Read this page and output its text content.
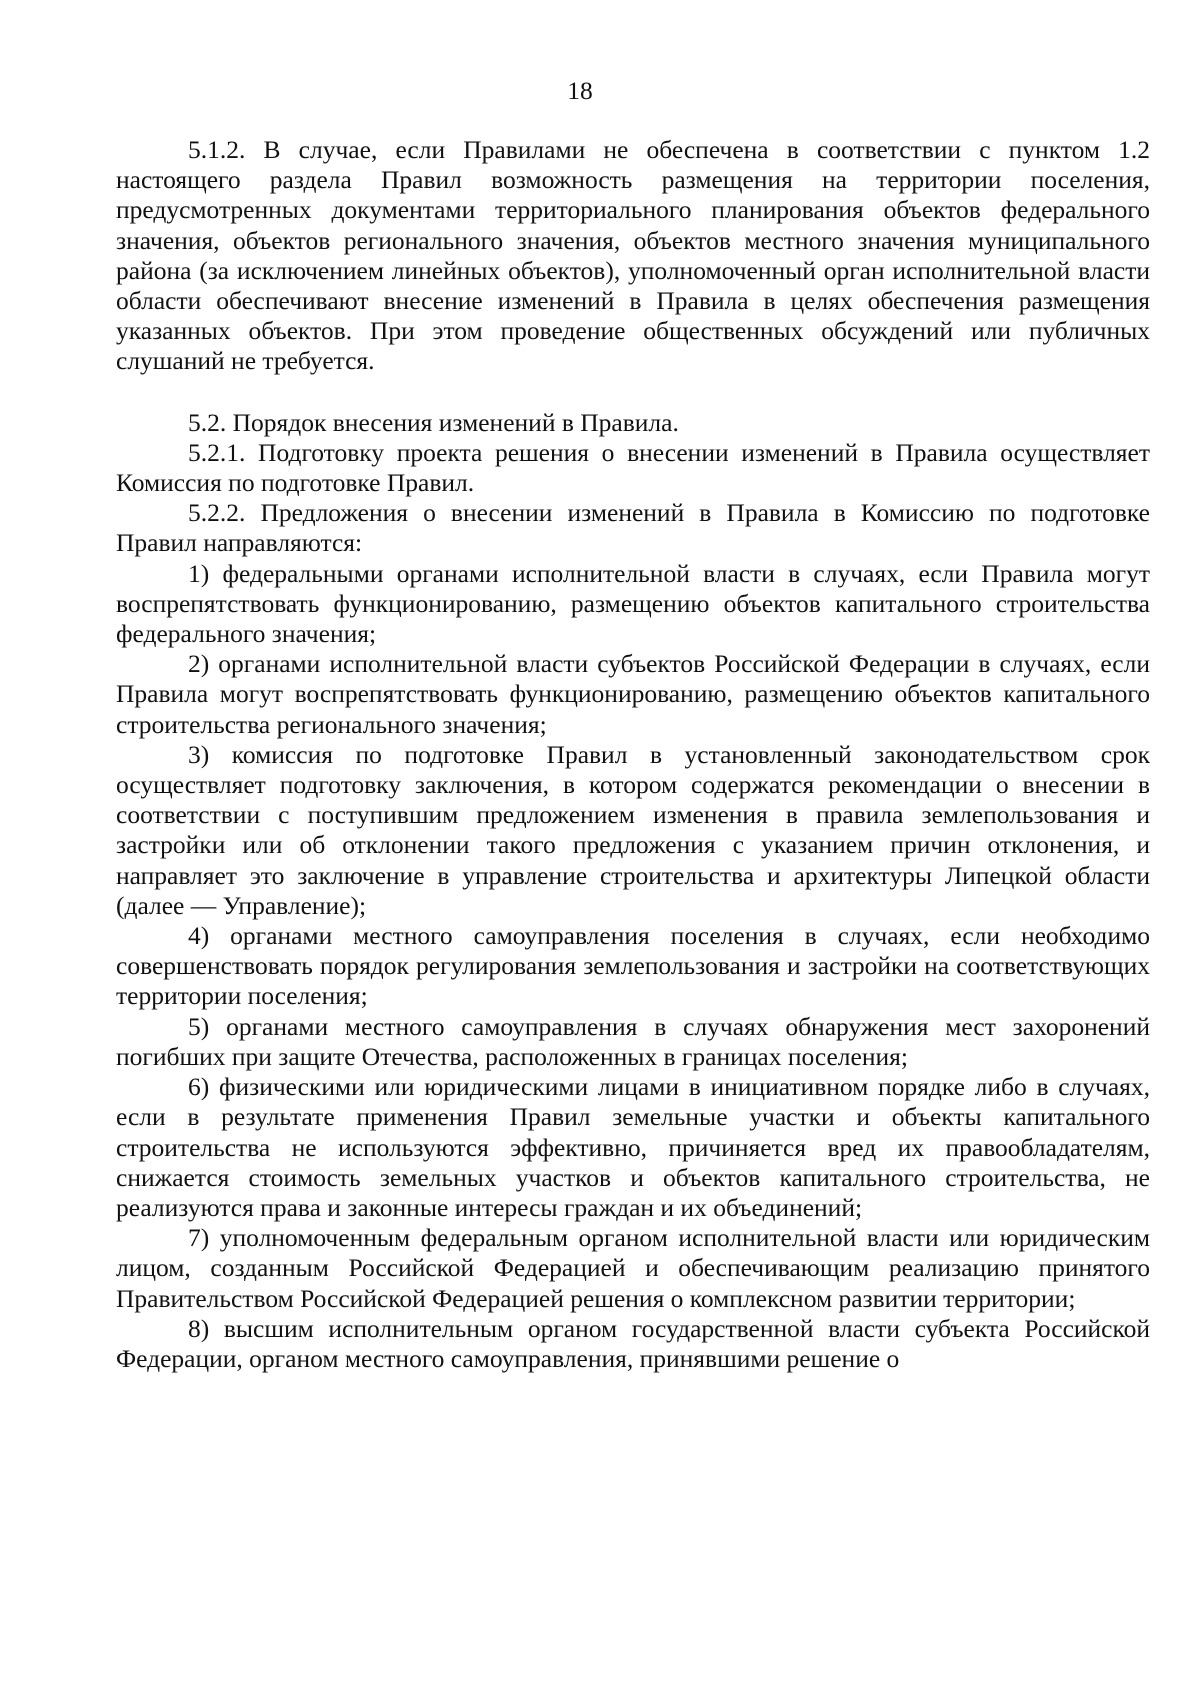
18

5.1.2. В случае, если Правилами не обеспечена в соответствии с пунктом 1.2 настоящего раздела Правил возможность размещения на территории поселения, предусмотренных документами территориального планирования объектов федерального значения, объектов регионального значения, объектов местного значения муниципального района (за исключением линейных объектов), уполномоченный орган исполнительной власти области обеспечивают внесение изменений в Правила в целях обеспечения размещения указанных объектов. При этом проведение общественных обсуждений или публичных слушаний не требуется.

5.2. Порядок внесения изменений в Правила.

5.2.1. Подготовку проекта решения о внесении изменений в Правила осуществляет Комиссия по подготовке Правил.

5.2.2. Предложения о внесении изменений в Правила в Комиссию по подготовке Правил направляются:

1) федеральными органами исполнительной власти в случаях, если Правила могут воспрепятствовать функционированию, размещению объектов капитального строительства федерального значения;

2) органами исполнительной власти субъектов Российской Федерации в случаях, если Правила могут воспрепятствовать функционированию, размещению объектов капитального строительства регионального значения;

3) комиссия по подготовке Правил в установленный законодательством срок осуществляет подготовку заключения, в котором содержатся рекомендации о внесении в соответствии с поступившим предложением изменения в правила землепользования и застройки или об отклонении такого предложения с указанием причин отклонения, и направляет это заключение в управление строительства и архитектуры Липецкой области (далее — Управление);

4) органами местного самоуправления поселения в случаях, если необходимо совершенствовать порядок регулирования землепользования и застройки на соответствующих территории поселения;

5) органами местного самоуправления в случаях обнаружения мест захоронений погибших при защите Отечества, расположенных в границах поселения;

6) физическими или юридическими лицами в инициативном порядке либо в случаях, если в результате применения Правил земельные участки и объекты капитального строительства не используются эффективно, причиняется вред их правообладателям, снижается стоимость земельных участков и объектов капитального строительства, не реализуются права и законные интересы граждан и их объединений;

7) уполномоченным федеральным органом исполнительной власти или юридическим лицом, созданным Российской Федерацией и обеспечивающим реализацию принятого Правительством Российской Федерацией решения о комплексном развитии территории;

8) высшим исполнительным органом государственной власти субъекта Российской Федерации, органом местного самоуправления, принявшими решение о
